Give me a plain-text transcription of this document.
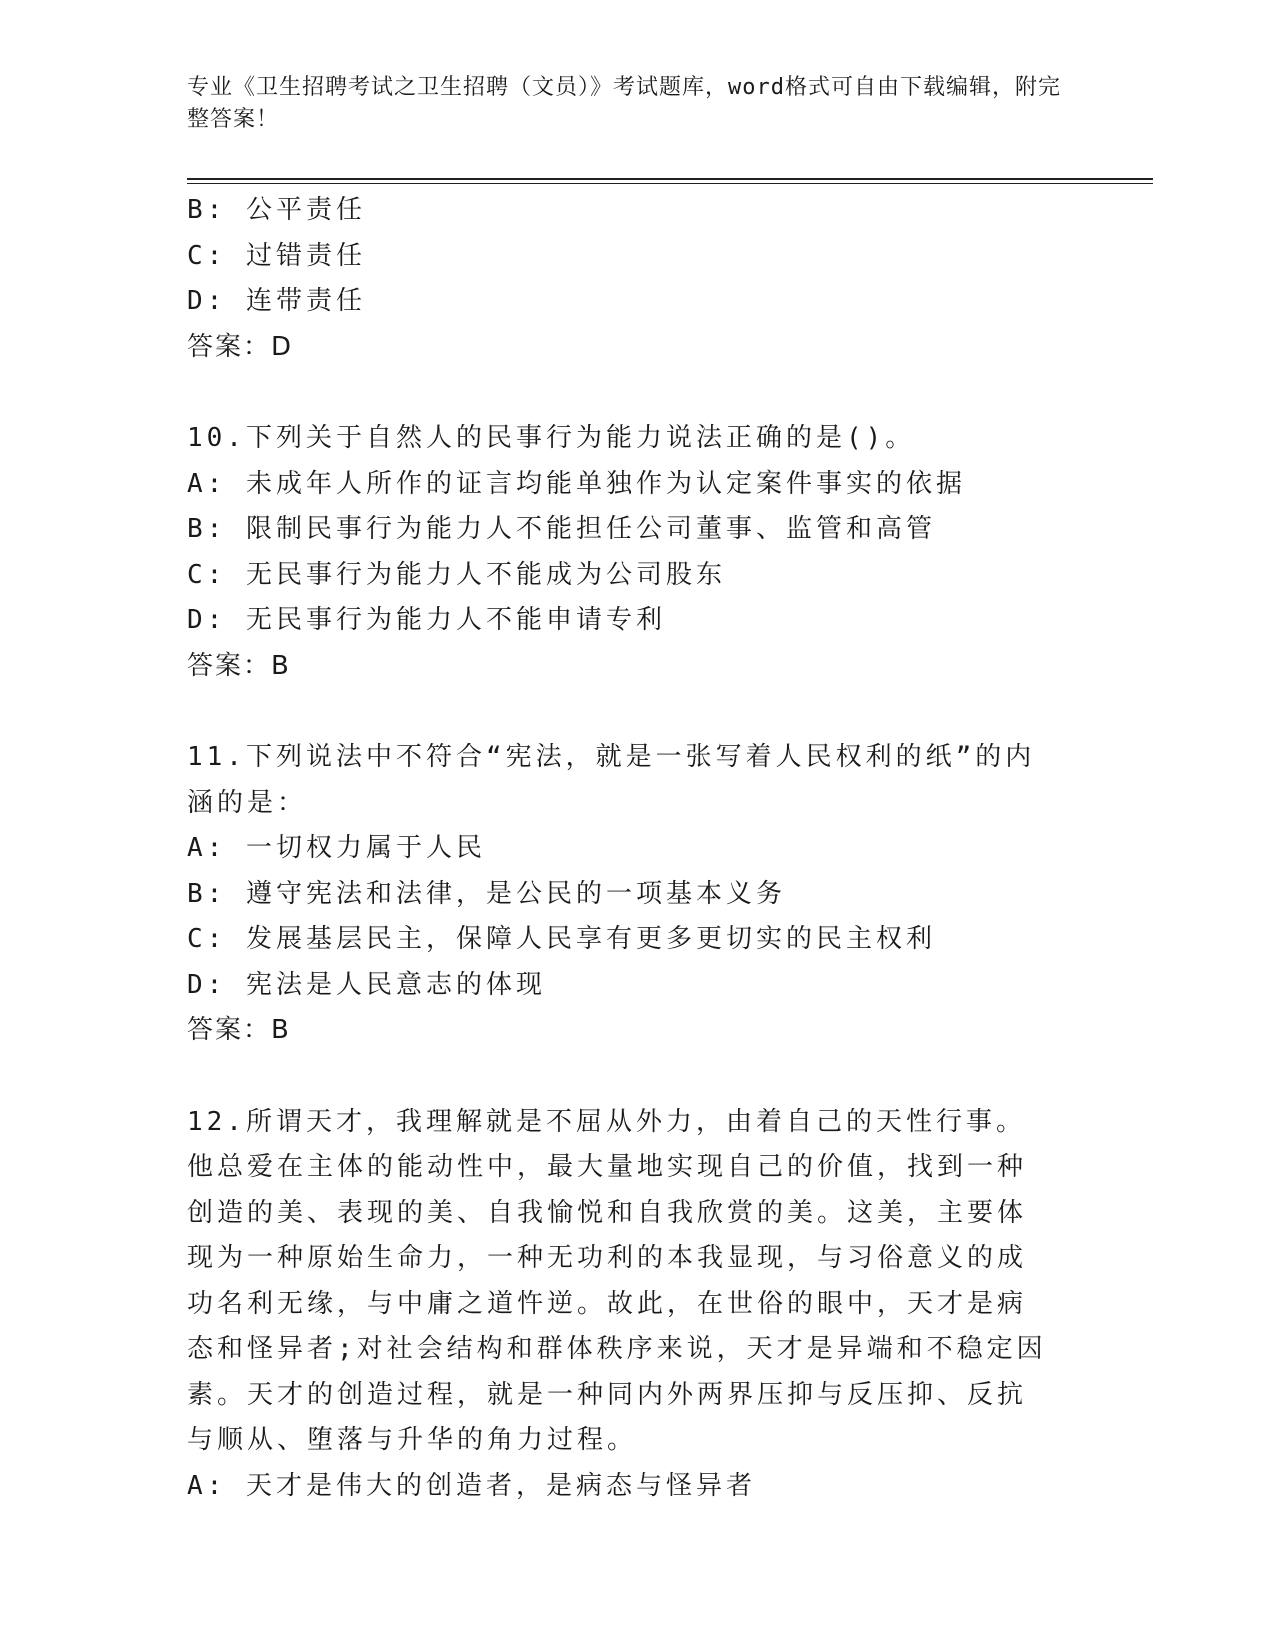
专业《卫生招聘考试之卫生招聘（文员）》考试题库，word格式可自由下载编辑，附完整答案！
B: 公平责任
C: 过错责任
D: 连带责任
答案：D
10.下列关于自然人的民事行为能力说法正确的是()。
A: 未成年人所作的证言均能单独作为认定案件事实的依据
B: 限制民事行为能力人不能担任公司董事、监管和高管
C: 无民事行为能力人不能成为公司股东
D: 无民事行为能力人不能申请专利
答案：B
11.下列说法中不符合“宪法，就是一张写着人民权利的纸”的内涵的是：
A: 一切权力属于人民
B: 遵守宪法和法律，是公民的一项基本义务
C: 发展基层民主，保障人民享有更多更切实的民主权利
D: 宪法是人民意志的体现
答案：B
12.所谓天才，我理解就是不屈从外力，由着自己的天性行事。他总爱在主体的能动性中，最大量地实现自己的价值，找到一种创造的美、表现的美、自我愉悦和自我欣赏的美。这美，主要体现为一种原始生命力，一种无功利的本我显现，与习俗意义的成功名利无缘，与中庸之道忤逆。故此，在世俗的眼中，天才是病态和怪异者;对社会结构和群体秩序来说，天才是异端和不稳定因素。天才的创造过程，就是一种同内外两界压抑与反压抑、反抗与顺从、堕落与升华的角力过程。
A: 天才是伟大的创造者，是病态与怪异者
